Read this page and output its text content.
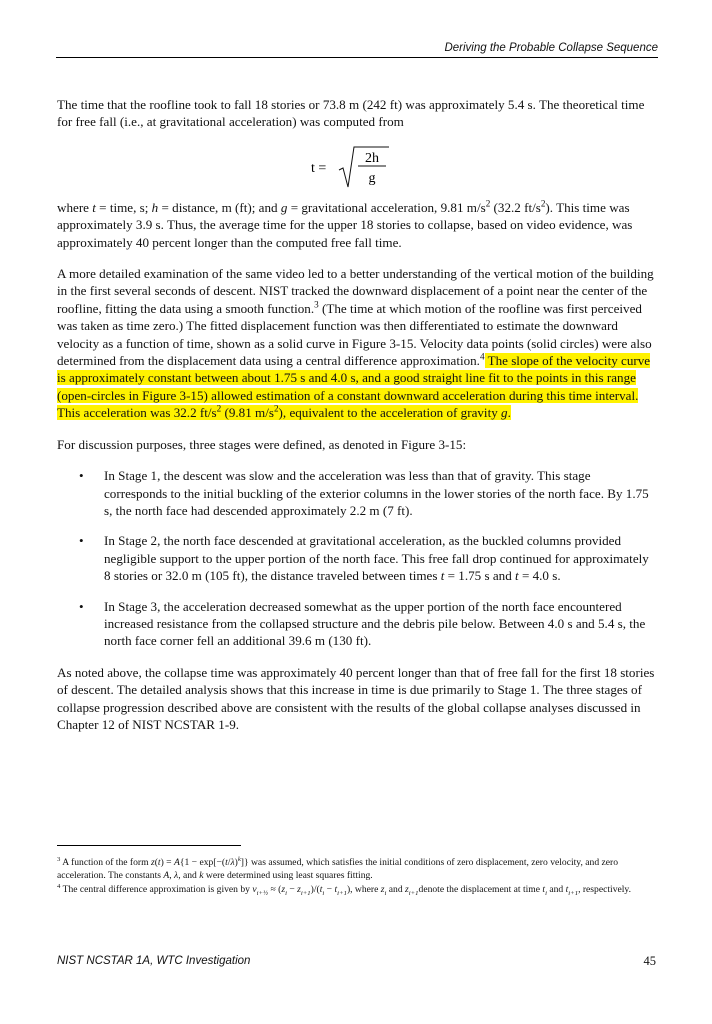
Deriving the Probable Collapse Sequence

The time that the roofline took to fall 18 stories or 73.8 m (242 ft) was approximately 5.4 s. The theoretical time for free fall (i.e., at gravitational acceleration) was computed from

t =
2h
g

where t = time, s; h = distance, m (ft); and g = gravitational acceleration, 9.81 $m/s^2$ (32.2 $ft/s^2$). This time was approximately 3.9 s. Thus, the average time for the upper 18 stories to collapse, based on video evidence, was approximately 40 percent longer than the computed free fall time.

A more detailed examination of the same video led to a better understanding of the vertical motion of the building in the first several seconds of descent. NIST tracked the downward displacement of a point near the center of the roofline, fitting the data using a smooth function.$^3$ (The time at which motion of the roofline was first perceived was taken as time zero.) The fitted displacement function was then differentiated to estimate the downward velocity as a function of time, shown as a solid curve in Figure 3-15. Velocity data points (solid circles) were also determined from the displacement data using a central difference approximation.$^4$ The slope of the velocity curve is approximately constant between about 1.75 s and 4.0 s, and a good straight line fit to the points in this range (open-circles in Figure 3-15) allowed estimation of a constant downward acceleration during this time interval. This acceleration was 32.2 $ft/s^2$ (9.81 $m/s^2$), equivalent to the acceleration of gravity g.

For discussion purposes, three stages were defined, as denoted in Figure 3-15:

• In Stage 1, the descent was slow and the acceleration was less than that of gravity. This stage corresponds to the initial buckling of the exterior columns in the lower stories of the north face. By 1.75 s, the north face had descended approximately 2.2 m (7 ft).
• In Stage 2, the north face descended at gravitational acceleration, as the buckled columns provided negligible support to the upper portion of the north face. This free fall drop continued for approximately 8 stories or 32.0 m (105 ft), the distance traveled between times t = 1.75 s and t = 4.0 s.
• In Stage 3, the acceleration decreased somewhat as the upper portion of the north face encountered increased resistance from the collapsed structure and the debris pile below. Between 4.0 s and 5.4 s, the north face corner fell an additional 39.6 m (130 ft).

As noted above, the collapse time was approximately 40 percent longer than that of free fall for the first 18 stories of descent. The detailed analysis shows that this increase in time is due primarily to Stage 1. The three stages of collapse progression described above are consistent with the results of the global collapse analyses discussed in Chapter 12 of NIST NCSTAR 1-9.

$^3$ A function of the form $z(t) = A\{1 - \exp[-(t/\lambda)^k]\}$ was assumed, which satisfies the initial conditions of zero displacement, zero velocity, and zero acceleration. The constants A, λ, and k were determined using least squares fitting.

$^4$ The central difference approximation is given by $v_{i+\frac{1}{2}} \approx (z_i - z_{i+1})/(t_i - t_{i+1})$, where $z_i$ and $z_{i+1}denote$ the displacement at time $t_i$ and $t_{i+1}$, respectively.

NIST NCSTAR 1A, WTC Investigation	45
